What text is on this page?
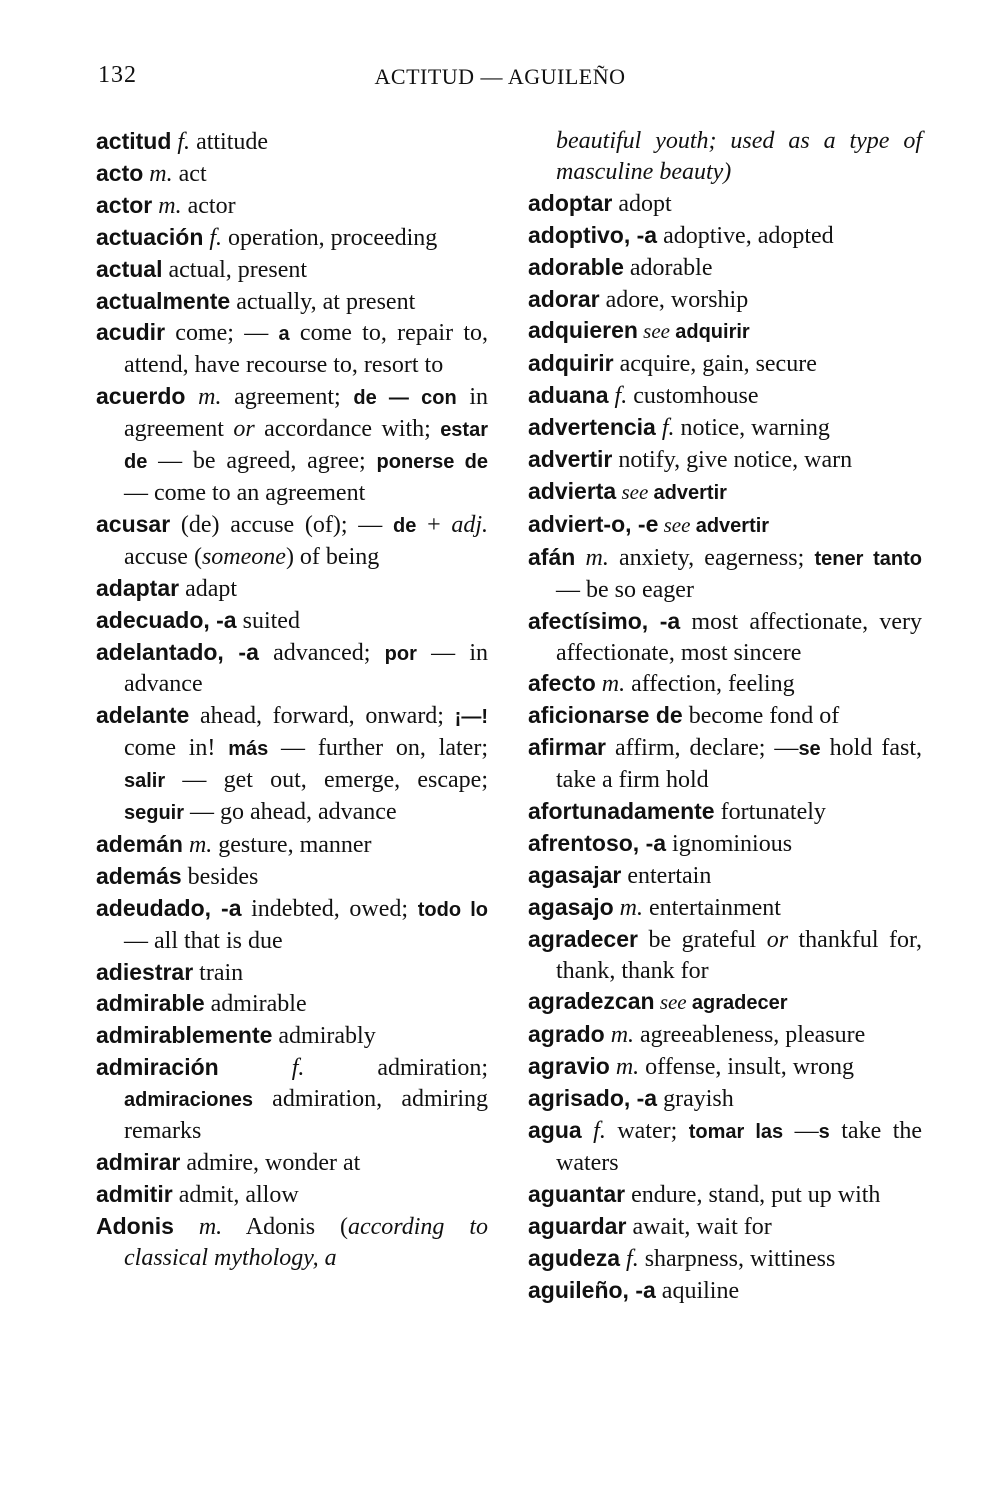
132	ACTITUD — AGUILEÑO
actitud f. attitude
acto m. act
actor m. actor
actuación f. operation, proceeding
actual actual, present
actualmente actually, at present
acudir come; — a come to, repair to, attend, have recourse to, resort to
acuerdo m. agreement; de — con in agreement or accordance with; estar de — be agreed, agree; ponerse de — come to an agreement
acusar (de) accuse (of); — de + adj. accuse (someone) of being
adaptar adapt
adecuado, -a suited
adelantado, -a advanced; por — in advance
adelante ahead, forward, onward; ¡—! come in! más — further on, later; salir — get out, emerge, escape; seguir — go ahead, advance
ademán m. gesture, manner
además besides
adeudado, -a indebted, owed; todo lo — all that is due
adiestrar train
admirable admirable
admirablemente admirably
admiración f. admiration; admiraciones admiration, admiring remarks
admirar admire, wonder at
admitir admit, allow
Adonis m. Adonis (according to classical mythology, a
beautiful youth; used as a type of masculine beauty)
adoptar adopt
adoptivo, -a adoptive, adopted
adorable adorable
adorar adore, worship
adquieren see adquirir
adquirir acquire, gain, secure
aduana f. customhouse
advertencia f. notice, warning
advertir notify, give notice, warn
advierta see advertir
adviert-o, -e see advertir
afán m. anxiety, eagerness; tener tanto — be so eager
afectísimo, -a most affectionate, very affectionate, most sincere
afecto m. affection, feeling
aficionarse de become fond of
afirmar affirm, declare; —se hold fast, take a firm hold
afortunadamente fortunately
afrentoso, -a ignominious
agasajar entertain
agasajo m. entertainment
agradecer be grateful or thankful for, thank, thank for
agradezcan see agradecer
agrado m. agreeableness, pleasure
agravio m. offense, insult, wrong
agrisado, -a grayish
agua f. water; tomar las —s take the waters
aguantar endure, stand, put up with
aguardar await, wait for
agudeza f. sharpness, wittiness
aguileño, -a aquiline
